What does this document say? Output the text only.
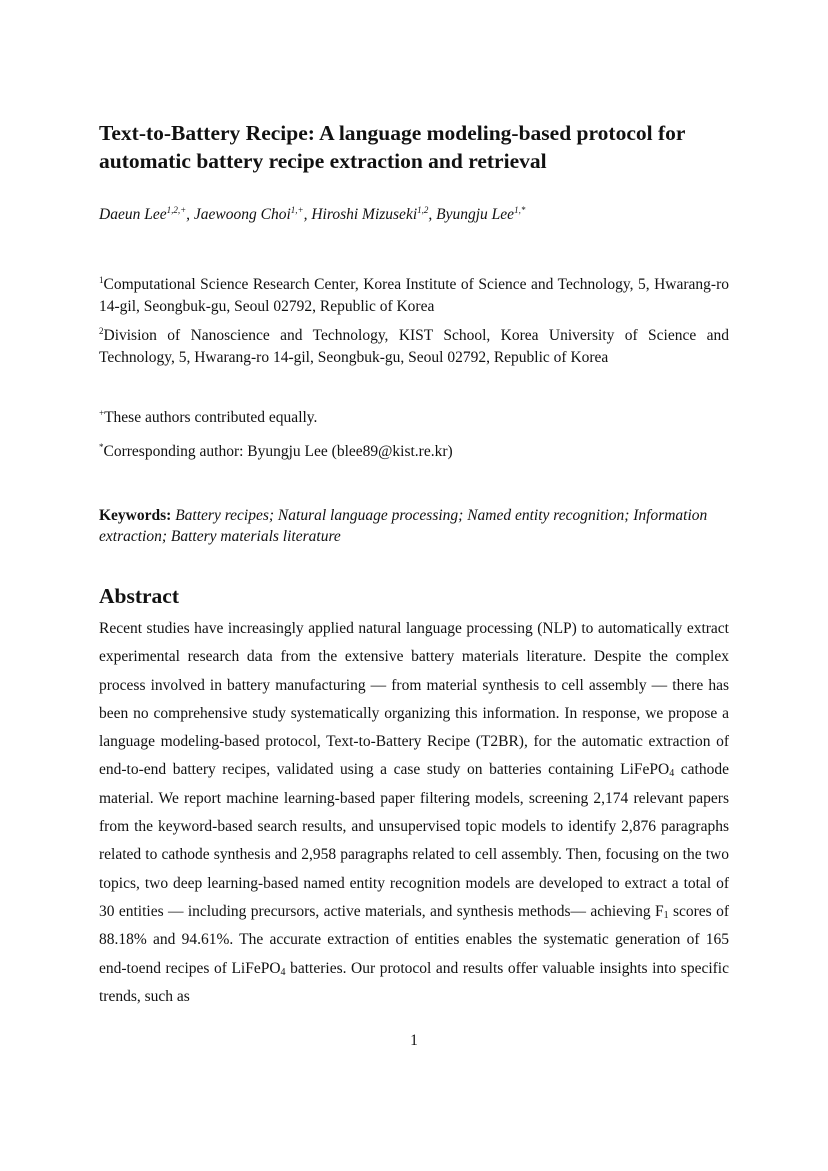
Text-to-Battery Recipe: A language modeling-based protocol for
automatic battery recipe extraction and retrieval
Daeun Lee$^{1,2,+}$, Jaewoong Choi$^{1,+}$, Hiroshi Mizuseki$^{1,2}$, Byungju Lee$^{1,*}$
$^1$Computational Science Research Center, Korea Institute of Science and Technology, 5, Hwarang-ro 14-gil, Seongbuk-gu, Seoul 02792, Republic of Korea
$^2$Division of Nanoscience and Technology, KIST School, Korea University of Science and Technology, 5, Hwarang-ro 14-gil, Seongbuk-gu, Seoul 02792, Republic of Korea
+These authors contributed equally.
*Corresponding author: Byungju Lee (blee89@kist.re.kr)
Keywords: Battery recipes; Natural language processing; Named entity recognition; Information extraction; Battery materials literature
Abstract

Recent studies have increasingly applied natural language processing (NLP) to automatically extract experimental research data from the extensive battery materials literature. Despite the complex process involved in battery manufacturing — from material synthesis to cell assembly — there has been no comprehensive study systematically organizing this information. In response, we propose a language modeling-based protocol, Text-to-Battery Recipe (T2BR), for the automatic extraction of end-to-end battery recipes, validated using a case study on batteries containing LiFePO$_4$ cathode material. We report machine learning-based paper filtering models, screening 2,174 relevant papers from the keyword-based search results, and unsupervised topic models to identify 2,876 paragraphs related to cathode synthesis and 2,958 paragraphs related to cell assembly. Then, focusing on the two topics, two deep learning-based named entity recognition models are developed to extract a total of 30 entities — including precursors, active materials, and synthesis methods— achieving $F_1$ scores of 88.18% and 94.61%. The accurate extraction of entities enables the systematic generation of 165 end-toend recipes of LiFePO$_4$ batteries. Our protocol and results offer valuable insights into specific trends, such as

1
